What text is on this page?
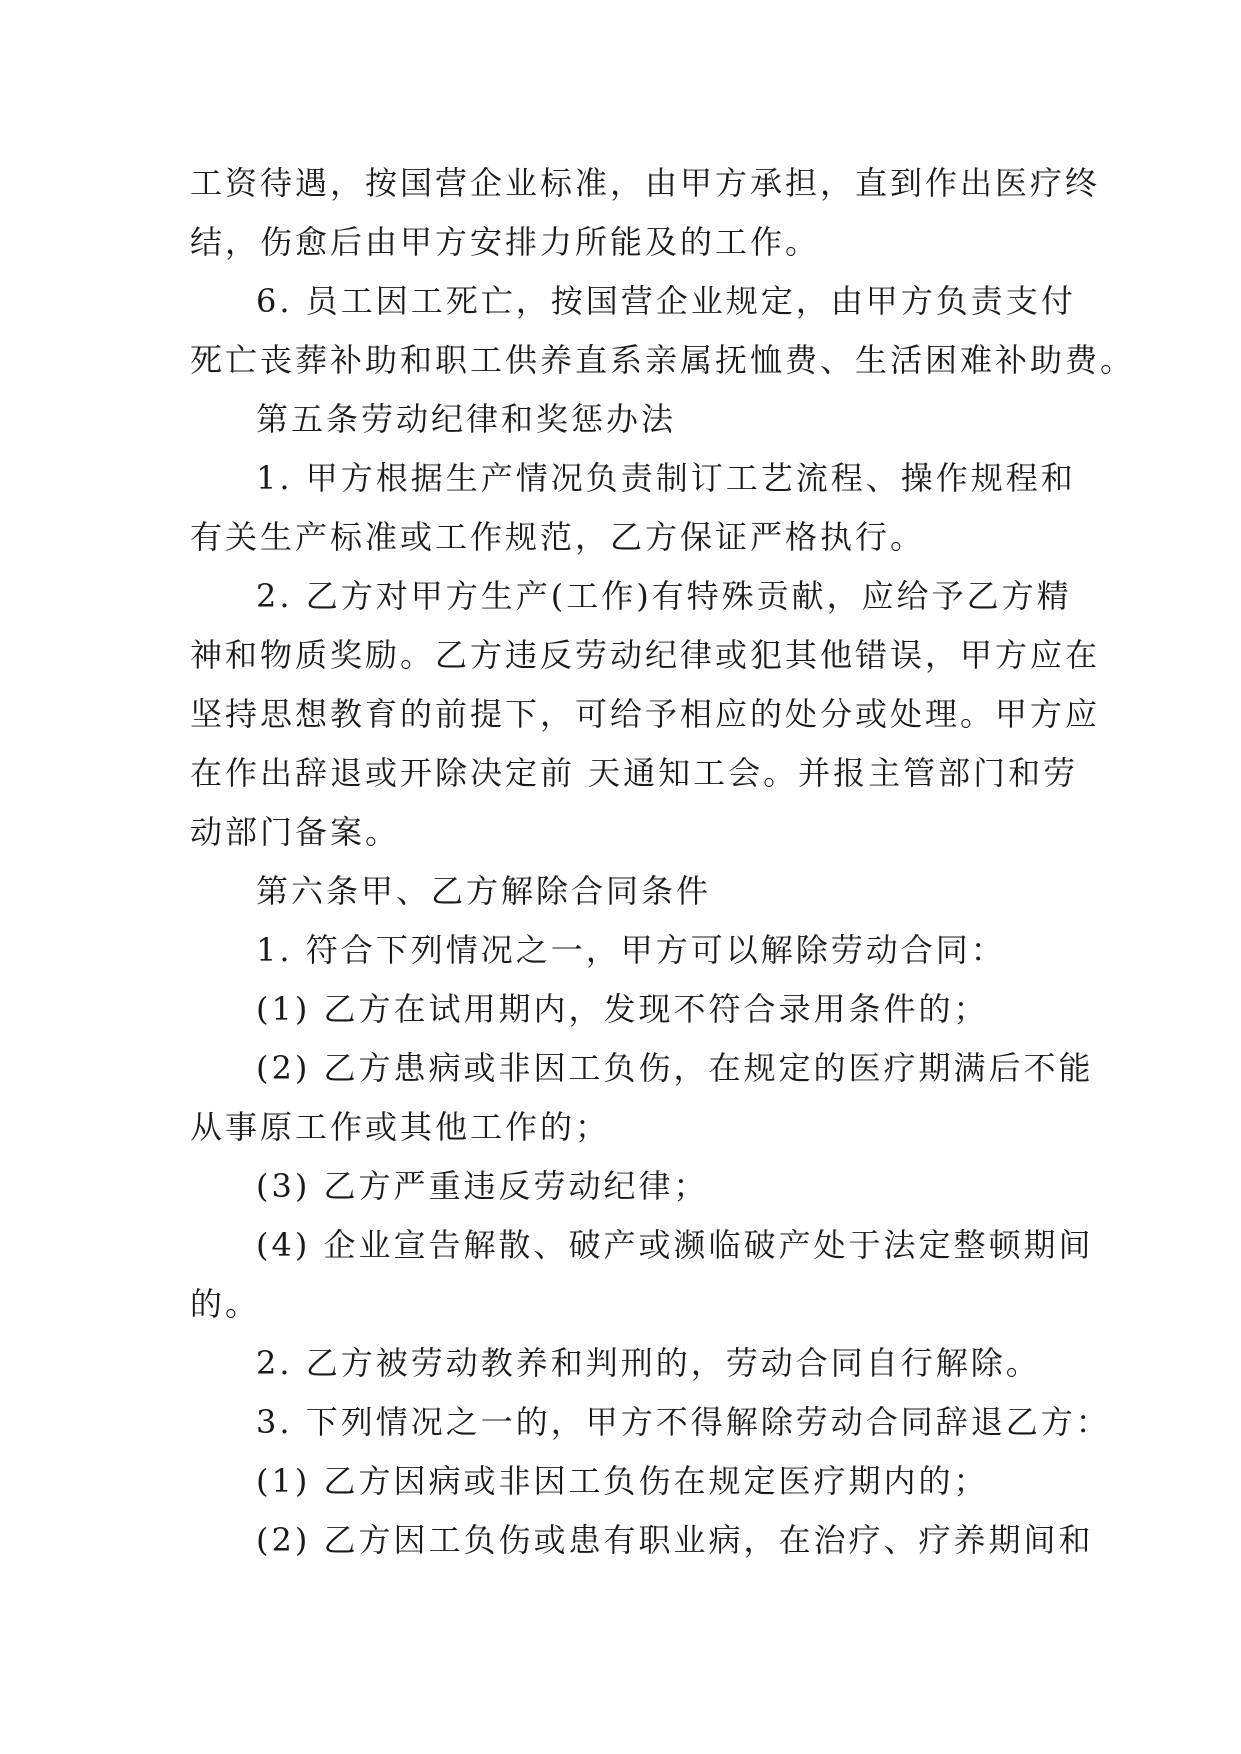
工资待遇，按国营企业标准，由甲方承担，直到作出医疗终

结，伤愈后由甲方安排力所能及的工作。

6. 员工因工死亡，按国营企业规定，由甲方负责支付

死亡丧葬补助和职工供养直系亲属抚恤费、生活困难补助费。

第五条劳动纪律和奖惩办法

1. 甲方根据生产情况负责制订工艺流程、操作规程和

有关生产标准或工作规范，乙方保证严格执行。

2. 乙方对甲方生产(工作)有特殊贡献，应给予乙方精

神和物质奖励。乙方违反劳动纪律或犯其他错误，甲方应在

坚持思想教育的前提下，可给予相应的处分或处理。甲方应

在作出辞退或开除决定前 天通知工会。并报主管部门和劳

动部门备案。

第六条甲、乙方解除合同条件

1. 符合下列情况之一，甲方可以解除劳动合同：

(1) 乙方在试用期内，发现不符合录用条件的；

(2) 乙方患病或非因工负伤，在规定的医疗期满后不能

从事原工作或其他工作的；

(3) 乙方严重违反劳动纪律；

(4) 企业宣告解散、破产或濒临破产处于法定整顿期间

的。

2. 乙方被劳动教养和判刑的，劳动合同自行解除。

3. 下列情况之一的，甲方不得解除劳动合同辞退乙方：

(1) 乙方因病或非因工负伤在规定医疗期内的；

(2) 乙方因工负伤或患有职业病，在治疗、疗养期间和
